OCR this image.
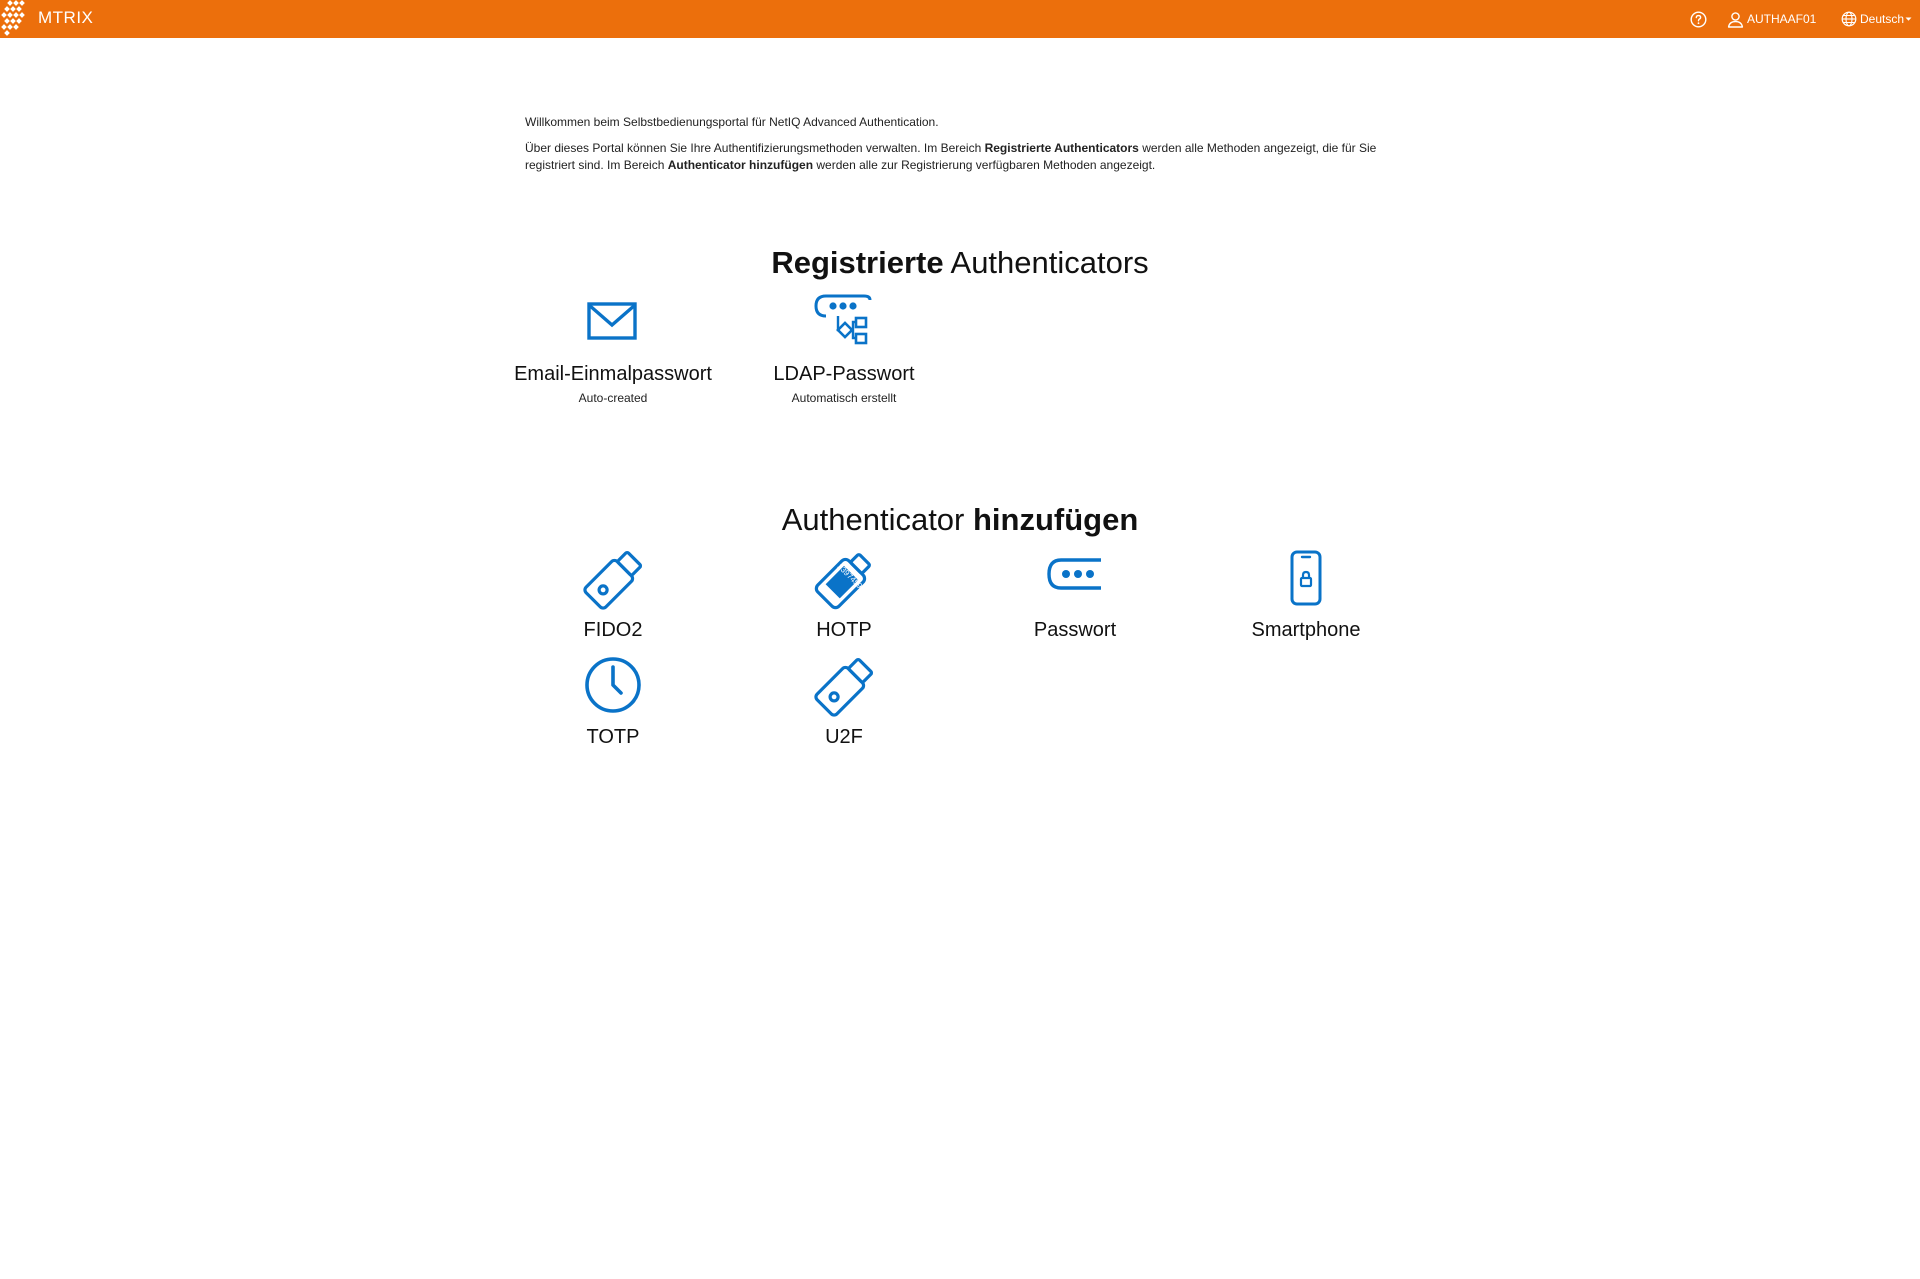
MTRIX	AUTHAAF01	Deutsch

Willkommen beim Selbstbedienungsportal für NetIQ Advanced Authentication.

Über dieses Portal können Sie Ihre Authentifizierungsmethoden verwalten. Im Bereich Registrierte Authenticators werden alle Methoden angezeigt, die für Sie registriert sind. Im Bereich Authenticator hinzufügen werden alle zur Registrierung verfügbaren Methoden angezeigt.

Registrierte Authenticators
Email-Einmalpasswort
Auto-created
LDAP-Passwort
Automatisch erstellt
Authenticator hinzufügen
FIDO2
2397459
HOTP	Passwort	Smartphone
TOTP	U2F
